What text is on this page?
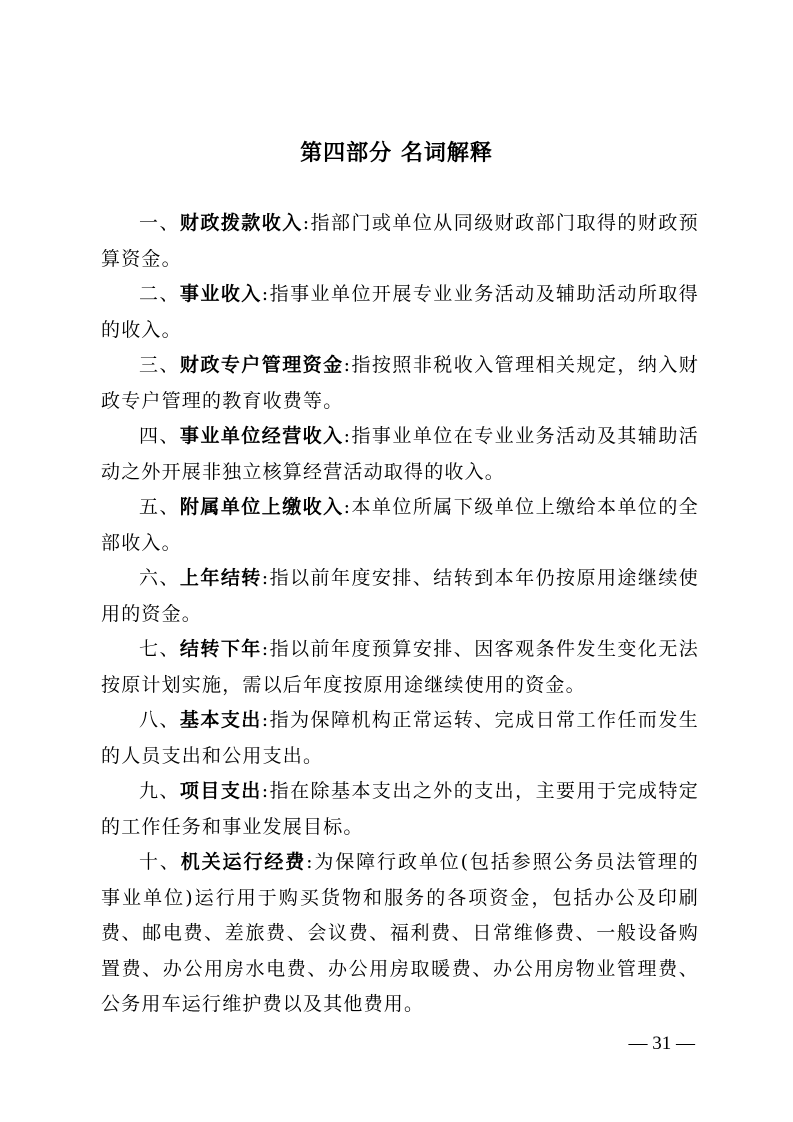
第四部分 名词解释

一、财政拨款收入:指部门或单位从同级财政部门取得的财政预算资金。

二、事业收入:指事业单位开展专业业务活动及辅助活动所取得的收入。

三、财政专户管理资金:指按照非税收入管理相关规定，纳入财政专户管理的教育收费等。

四、事业单位经营收入:指事业单位在专业业务活动及其辅助活动之外开展非独立核算经营活动取得的收入。

五、附属单位上缴收入:本单位所属下级单位上缴给本单位的全部收入。

六、上年结转:指以前年度安排、结转到本年仍按原用途继续使用的资金。

七、结转下年:指以前年度预算安排、因客观条件发生变化无法按原计划实施，需以后年度按原用途继续使用的资金。

八、基本支出:指为保障机构正常运转、完成日常工作任而发生的人员支出和公用支出。

九、项目支出:指在除基本支出之外的支出，主要用于完成特定的工作任务和事业发展目标。

十、机关运行经费:为保障行政单位(包括参照公务员法管理的事业单位)运行用于购买货物和服务的各项资金，包括办公及印刷费、邮电费、差旅费、会议费、福利费、日常维修费、一般设备购置费、办公用房水电费、办公用房取暖费、办公用房物业管理费、公务用车运行维护费以及其他费用。

— 31 —
